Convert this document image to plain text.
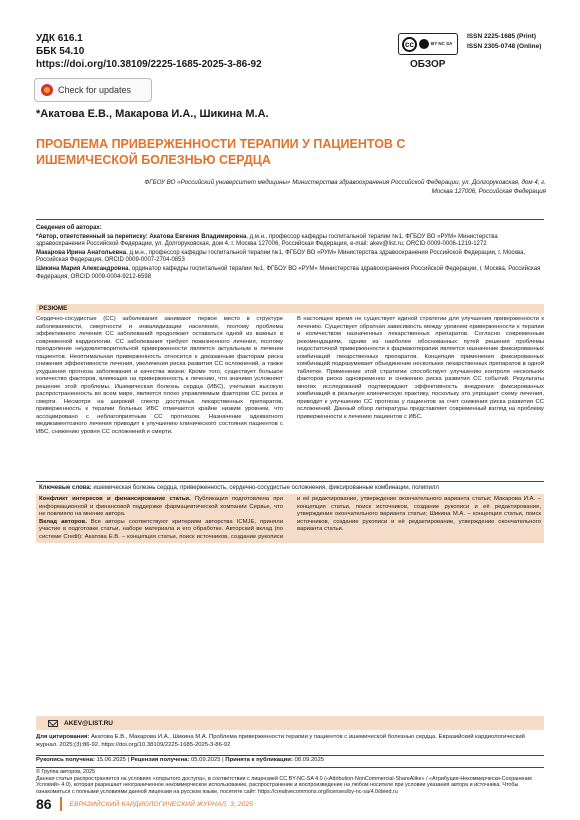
УДК 616.1
ББК 54.10
https://doi.org/10.38109/2225-1685-2025-3-86-92
cc	BY NC SA
ISSN 2225-1685 (Print)
ISSN 2305-0748 (Online)
ОБЗОР
Check for updates
*Акатова Е.В., Макарова И.А., Шикина М.А.
ПРОБЛЕМА ПРИВЕРЖЕННОСТИ ТЕРАПИИ У ПАЦИЕНТОВ С ИШЕМИЧЕСКОЙ БОЛЕЗНЬЮ СЕРДЦА
ФГБОУ ВО «Российский университет медицины» Министерства здравоохранения Российской Федерации, ул. Долгоруковская, дом 4, г. Москва 127006, Российская Федерация

Сведения об авторах:

*Автор, ответственный за переписку: Акатова Евгения Владимировна, д.м.н., профессор кафедры госпитальной терапии №1, ФГБОУ ВО «РУМ» Министерства здравоохранения Российской Федерации, ул. Долгоруковская, дом 4, г. Москва 127006, Российская Федерация, e-mail: akev@list.ru, ORCID 0009-0006-1219-1272

Макарова Ирина Анатольевна, д.м.н., профессор кафедры госпитальной терапии №1, ФГБОУ ВО «РУМ» Министерства здравоохранения Российской Федерации, г. Москва, Российская Федерация, ORCID 0009-0007-2704-0853

Шикина Мария Александровна, ординатор кафедры госпитальной терапии №1, ФГБОУ ВО «РУМ» Министерства здравоохранения Российской Федерации, г. Москва, Российская Федерация, ORCID 0009-0004-9212-6598

РЕЗЮМЕ
Сердечно-сосудистые (СС) заболевания занимают первое место в структуре заболеваемости, смертности и инвалидизации населения, поэтому проблема эффективного лечения СС заболеваний продолжает оставаться одной из важных в современной кардиологии. СС заболевания требуют пожизненного лечения, поэтому преодоление неудовлетворительной приверженности является актуальным в лечении пациентов. Неоптимальная приверженность относится к доказанным факторам риска снижения эффективности лечения, увеличения риска развития СС осложнений, а также ухудшения прогноза заболевания и качества жизни. Кроме того, существует большое количество факторов, влияющих на приверженность к лечению, что значимо усложняет решение этой проблемы. Ишемическая болезнь сердца (ИБС), учитывая высокую распространенность во всем мире, является плохо управляемым фактором СС риска и смерти. Несмотря на широкий спектр доступных лекарственных препаратов, приверженность к терапии больных ИБС отмечается крайне низким уровнем, что ассоциировано с неблагоприятным СС прогнозом. Назначение адекватного медикаментозного лечения приводит к улучшению клинического состояния пациентов с ИБС, снижению уровня СС осложнений и смерти.
В настоящее время не существует единой стратегии для улучшения приверженности к лечению. Существует обратная зависимость между уровнем приверженности к терапии и количеством назначенных лекарственных препаратов. Согласно современным рекомендациям, одним из наиболее обоснованных путей решения проблемы недостаточной приверженности к фармакотерапии является назначение фиксированных комбинаций лекарственных препаратов. Концепция применения фиксированных комбинаций подразумевает объединение нескольких лекарственных препаратов в одной таблетке. Применение этой стратегии способствует улучшению контроля нескольких факторов риска одновременно и снижению риска развития СС событий. Результаты многих исследований подтверждают эффективность внедрения фиксированных комбинаций в реальную клиническую практику, поскольку это упрощает схему лечения, приводит к улучшению СС прогноза у пациентов за счет снижения риска развития СС осложнений. Данный обзор литературы представляет современный взгляд на проблему приверженности к лечению пациентов с ИБС.
Ключевые слова: ишемическая болезнь сердца, приверженность, сердечно-сосудистые осложнения, фиксированные комбинации, полипилл
Конфликт интересов и финансирование статьи. Публикация подготовлена при информационной и финансовой поддержке фармацевтической компании Сервье, что не повлияло на мнение автора.
Вклад авторов. Все авторы соответствуют критериям авторства ICMJE, приняли участие в подготовке статьи, наборе материала и его обработке. Авторский вклад (по системе Credit): Акатова Е.В. – концепция статьи, поиск источников, создание рукописи и её редактирование, утверждение окончательного варианта статьи; Макарова И.А. – концепция статьи, поиск источников, создание рукописи и её редактирование, утверждение окончательного варианта статьи; Шикина М.А. – концепция статьи, поиск источников, создание рукописи и её редактирование, утверждение окончательного варианта статьи.
AKEV@LIST.RU
Для цитирования: Акатова Е.В., Макарова И.А., Шикина М.А. Проблема приверженности терапии у пациентов с ишемической болезнью сердца. Евразийский кардиологический журнал. 2025;(3):86-92. https://doi.org/10.38109/2225-1685-2025-3-86-92
Рукопись получена: 15.06.2025 | Рецензия получена: 05.09.2025 | Принята к публикации: 08.09.2025
© Группа авторов, 2025
Данная статья распространяется на условиях «открытого доступа», в соответствии с лицензией CC BY-NC-SA 4.0 («Attribution-NonCommercial-ShareAlike» / «Атрибуция-Некоммерчески-Сохранение Условий» 4.0), которая разрешает неограниченное некоммерческое использование, распространение и воспроизведение на любом носителе при условии указания автора и источника. Чтобы ознакомиться с полными условиями данной лицензии на русском языке, посетите сайт: https://creativecommons.org/licenses/by-nc-sa/4.0/deed.ru
86	ЕВРАЗИЙСКИЙ КАРДИОЛОГИЧЕСКИЙ ЖУРНАЛ, 3, 2025
